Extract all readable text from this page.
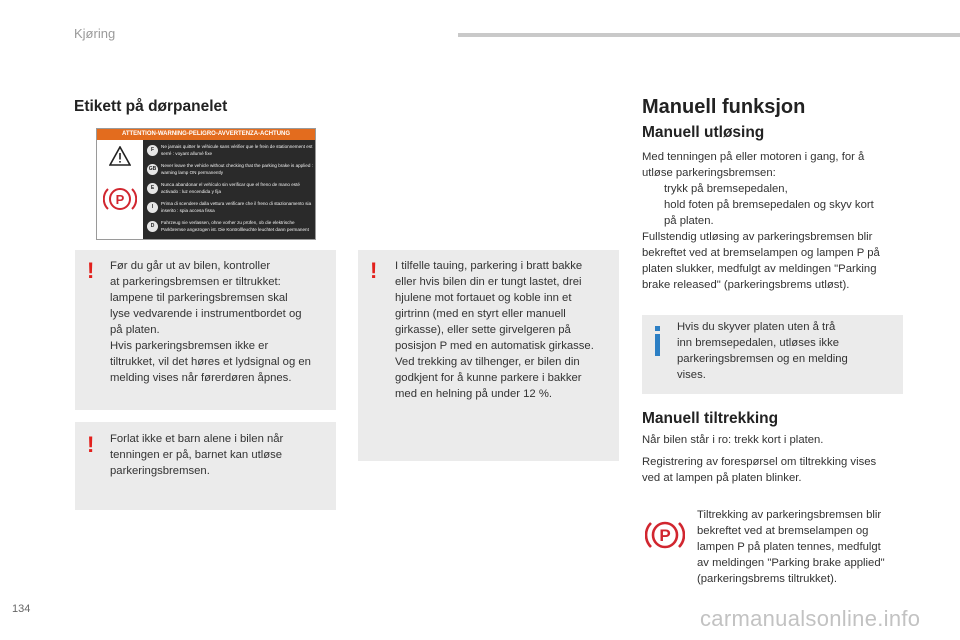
Kjøring
Etikett på dørpanelet
ATTENTION-WARNING-PELIGRO-AVVERTENZA-ACHTUNG
P
F
Ne jamais quitter le véhicule sans vérifier que le frein de stationnement est serré : voyant allumé fixe
GB
Never leave the vehicle without checking that the parking brake is applied : warning lamp ON permanently
E
Nunca abandonar el vehículo sin verificar que el freno de mano esté activado : luz encendida y fija
I
Prima di scendere dalla vettura verificare che il freno di stazionamento sia inserito : spia accesa fissa
D
Fahrzeug nie verlassen, ohne vorher zu prüfen, ob die elektrische Parkbremse angezogen ist. Die Kontrollleuchte leuchtet dann permanent
! Før du går ut av bilen, kontroller
at parkeringsbremsen er tiltrukket:
lampene til parkeringsbremsen skal
lyse vedvarende i instrumentbordet og
på platen.
Hvis parkeringsbremsen ikke er
tiltrukket, vil det høres et lydsignal og en
melding vises når førerdøren åpnes.
! Forlat ikke et barn alene i bilen når
tenningen er på, barnet kan utløse
parkeringsbremsen.
! I tilfelle tauing, parkering i bratt bakke
eller hvis bilen din er tungt lastet, drei
hjulene mot fortauet og koble inn et
girtrinn (med en styrt eller manuell
girkasse), eller sette girvelgeren på
posisjon P med en automatisk girkasse.
Ved trekking av tilhenger, er bilen din
godkjent for å kunne parkere i bakker
med en helning på under 12 %.
Manuell funksjon
Manuell utløsing
Med tenningen på eller motoren i gang, for å
utløse parkeringsbremsen:
trykk på bremsepedalen,
hold foten på bremsepedalen og skyv kort
på platen.
Fullstendig utløsing av parkeringsbremsen blir
bekreftet ved at bremselampen og lampen P på
platen slukker, medfulgt av meldingen "Parking
brake released" (parkeringsbrems utløst).
Hvis du skyver platen uten å trå
inn bremsepedalen, utløses ikke
parkeringsbremsen og en melding
vises.
Manuell tiltrekking
Når bilen står i ro: trekk kort i platen.
Registrering av forespørsel om tiltrekking vises
ved at lampen på platen blinker.
P
Tiltrekking av parkeringsbremsen blir
bekreftet ved at bremselampen og
lampen P på platen tennes, medfulgt
av meldingen "Parking brake applied"
(parkeringsbrems tiltrukket).
134	carmanualsonline.info
